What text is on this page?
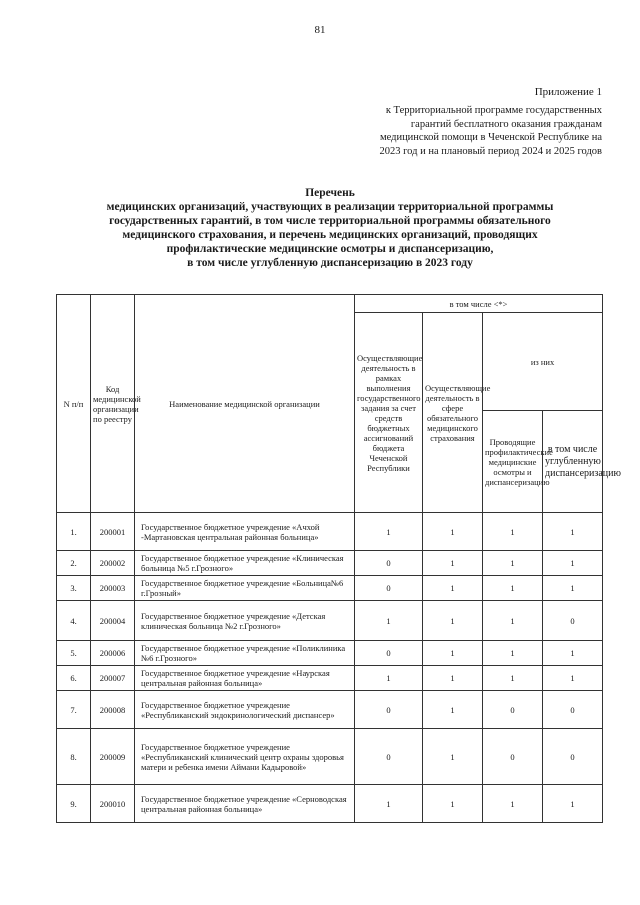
81
Приложение 1
к Территориальной программе государственных
гарантий бесплатного оказания гражданам
медицинской помощи в Чеченской Республике на
2023 год и на плановый период 2024 и 2025 годов
Перечень
медицинских организаций, участвующих в реализации территориальной программы
государственных гарантий, в том числе территориальной программы обязательного
медицинского страхования, и перечень медицинских организаций, проводящих
профилактические медицинские осмотры и диспансеризацию,
в том числе углубленную диспансеризацию в 2023 году
N п/п	Код медицинской организации по реестру	Наименование медицинской организации	в том числе <*>			
			Осуществляющие деятельность в рамках выполнения государственного задания за счет средств бюджетных ассигнований бюджета Чеченской Республики	Осуществляющие деятельность в сфере обязательного медицинского страхования	из них	
					Проводящие профилактические медицинские осмотры и диспансеризацию	в том числе углубленную диспансеризацию
1.	200001	Государственное бюджетное учреждение «Ачхой -Мартановская центральная районная больница»	1	1	1	1
2.	200002	Государственное бюджетное учреждение «Клиническая больница №5 г.Грозного»	0	1	1	1
3.	200003	Государственное бюджетное учреждение «Больница№6 г.Грозный»	0	1	1	1
4.	200004	Государственное бюджетное учреждение «Детская клиническая больница №2 г.Грозного»	1	1	1	0
5.	200006	Государственное бюджетное учреждение «Поликлиника №6 г.Грозного»	0	1	1	1
6.	200007	Государственное бюджетное учреждение «Наурская центральная районная больница»	1	1	1	1
7.	200008	Государственное бюджетное учреждение «Республиканский эндокринологический диспансер»	0	1	0	0
8.	200009	Государственное бюджетное учреждение «Республиканский клинический центр охраны здоровья матери и ребенка имени Аймани Кадыровой»	0	1	0	0
9.	200010	Государственное бюджетное учреждение «Серноводская центральная районная больница»	1	1	1	1
